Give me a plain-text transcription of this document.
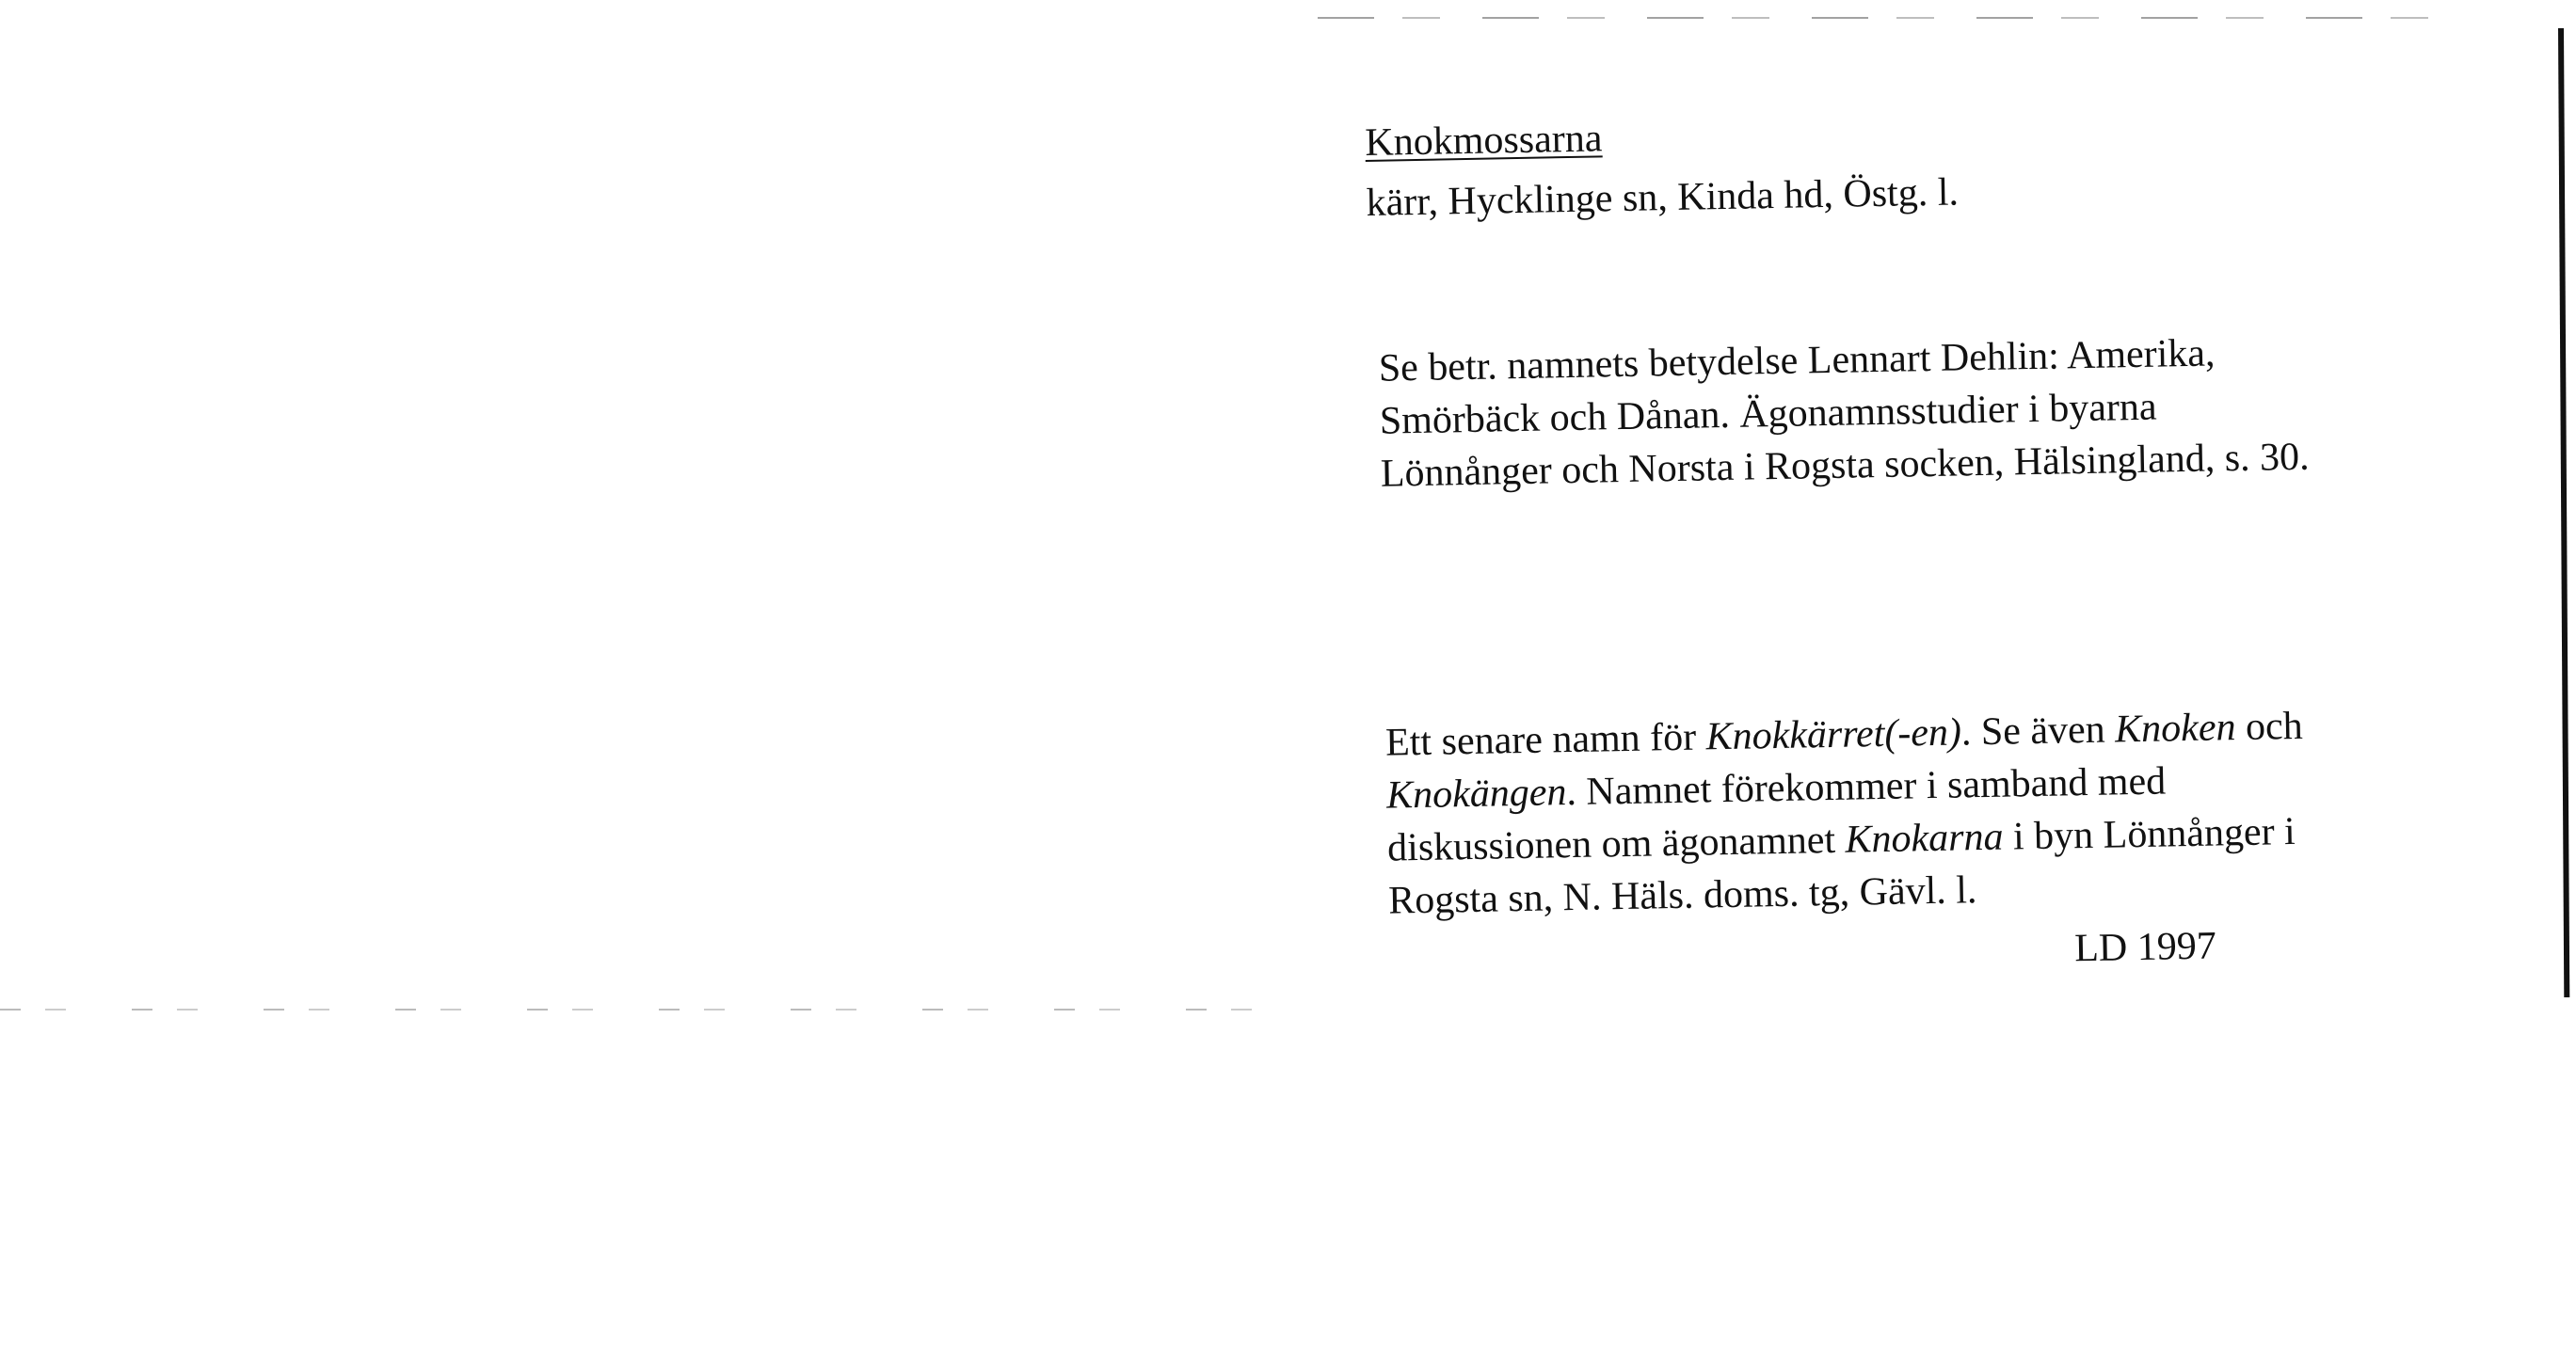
Knokmossarna
kärr, Hycklinge sn, Kinda hd, Östg. l.
Se betr. namnets betydelse Lennart Dehlin: Amerika,
Smörbäck och Dånan. Ägonamnsstudier i byarna
Lönnånger och Norsta i Rogsta socken, Hälsingland, s. 30.
Ett senare namn för Knokkärret(-en). Se även Knoken och
Knokängen. Namnet förekommer i samband med
diskussionen om ägonamnet Knokarna i byn Lönnånger i
Rogsta sn, N. Häls. doms. tg, Gävl. l.
LD 1997
